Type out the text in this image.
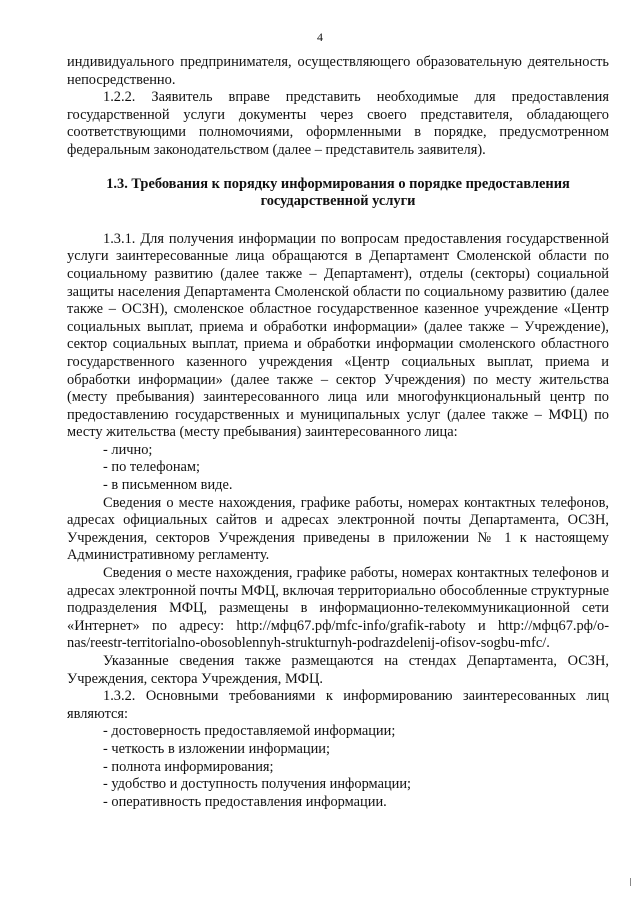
4

индивидуального предпринимателя, осуществляющего образовательную деятельность непосредственно.

1.2.2. Заявитель вправе представить необходимые для предоставления государственной услуги документы через своего представителя, обладающего соответствующими полномочиями, оформленными в порядке, предусмотренном федеральным законодательством (далее – представитель заявителя).

1.3. Требования к порядку информирования о порядке предоставления государственной услуги

1.3.1. Для получения информации по вопросам предоставления государственной услуги заинтересованные лица обращаются в Департамент Смоленской области по социальному развитию (далее также – Департамент), отделы (секторы) социальной защиты населения Департамента Смоленской области по социальному развитию (далее также – ОСЗН), смоленское областное государственное казенное учреждение «Центр социальных выплат, приема и обработки информации» (далее также – Учреждение), сектор социальных выплат, приема и обработки информации смоленского областного государственного казенного учреждения «Центр социальных выплат, приема и обработки информации» (далее также – сектор Учреждения) по месту жительства (месту пребывания) заинтересованного лица или многофункциональный центр по предоставлению государственных и муниципальных услуг (далее также – МФЦ) по месту жительства (месту пребывания) заинтересованного лица:

- лично;

- по телефонам;

- в письменном виде.

Сведения о месте нахождения, графике работы, номерах контактных телефонов, адресах официальных сайтов и адресах электронной почты Департамента, ОСЗН, Учреждения, секторов Учреждения приведены в приложении № 1 к настоящему Административному регламенту.

Сведения о месте нахождения, графике работы, номерах контактных телефонов и адресах электронной почты МФЦ, включая территориально обособленные структурные подразделения МФЦ, размещены в информационно-телекоммуникационной сети «Интернет» по адресу: http://мфц67.рф/mfc-info/grafik-raboty и http://мфц67.рф/o-nas/reestr-territorialno-obosoblennyh-strukturnyh-podrazdelenij-ofisov-sogbu-mfc/.

Указанные сведения также размещаются на стендах Департамента, ОСЗН, Учреждения, сектора Учреждения, МФЦ.

1.3.2. Основными требованиями к информированию заинтересованных лиц являются:

- достоверность предоставляемой информации;

- четкость в изложении информации;

- полнота информирования;

- удобство и доступность получения информации;

- оперативность предоставления информации.
